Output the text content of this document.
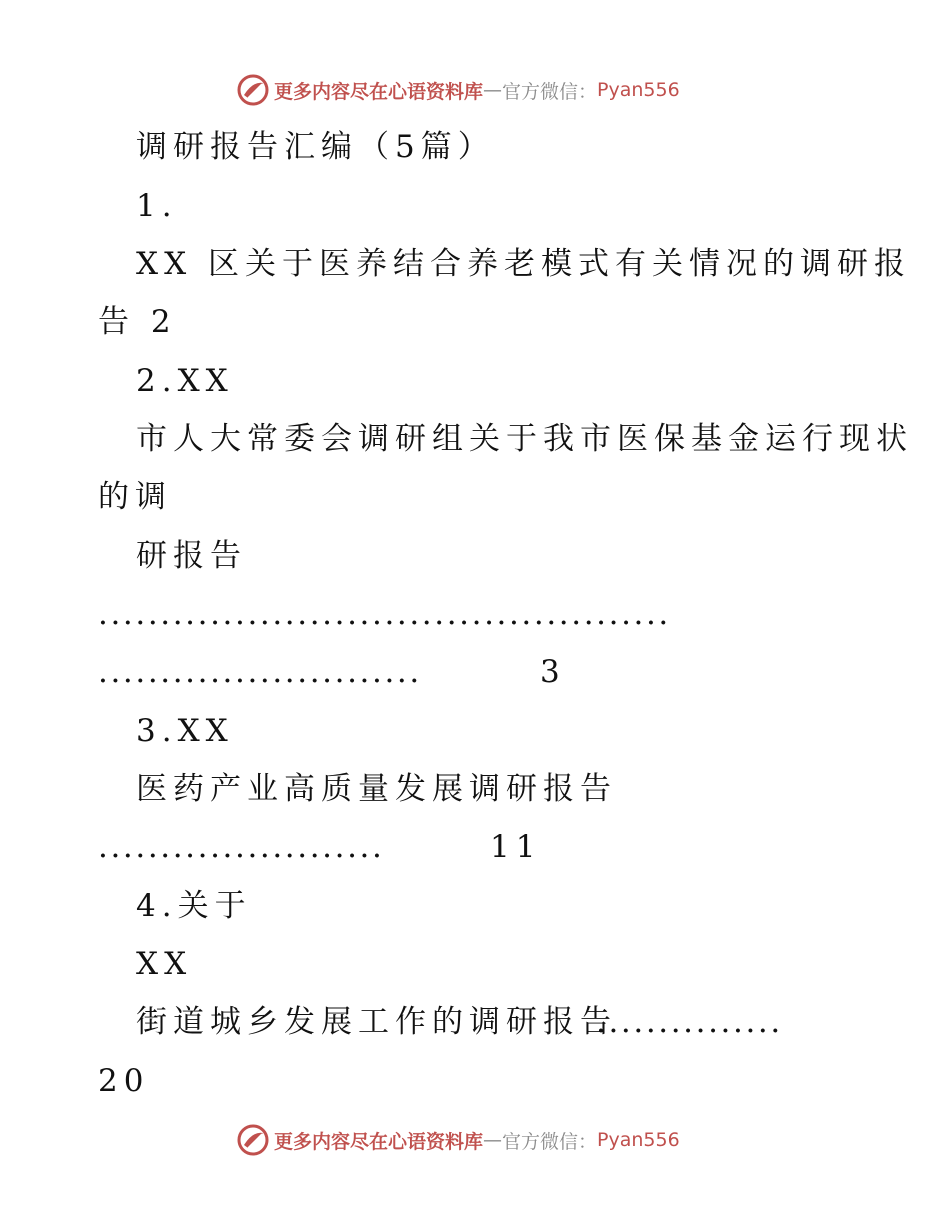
更多内容尽在心语资料库 — 官方微信： Pyan556
调研报告汇编（5篇）
1.
XX 区关于医养结合养老模式有关情况的调研报
告 2
2.XX
市人大常委会调研组关于我市医保基金运行现状
的调
研报告
..............................................
..........................	3
3.XX
医药产业高质量发展调研报告
.......................	11
4.关于
XX
街道城乡发展工作的调研报告
...............
20
更多内容尽在心语资料库 — 官方微信： Pyan556
